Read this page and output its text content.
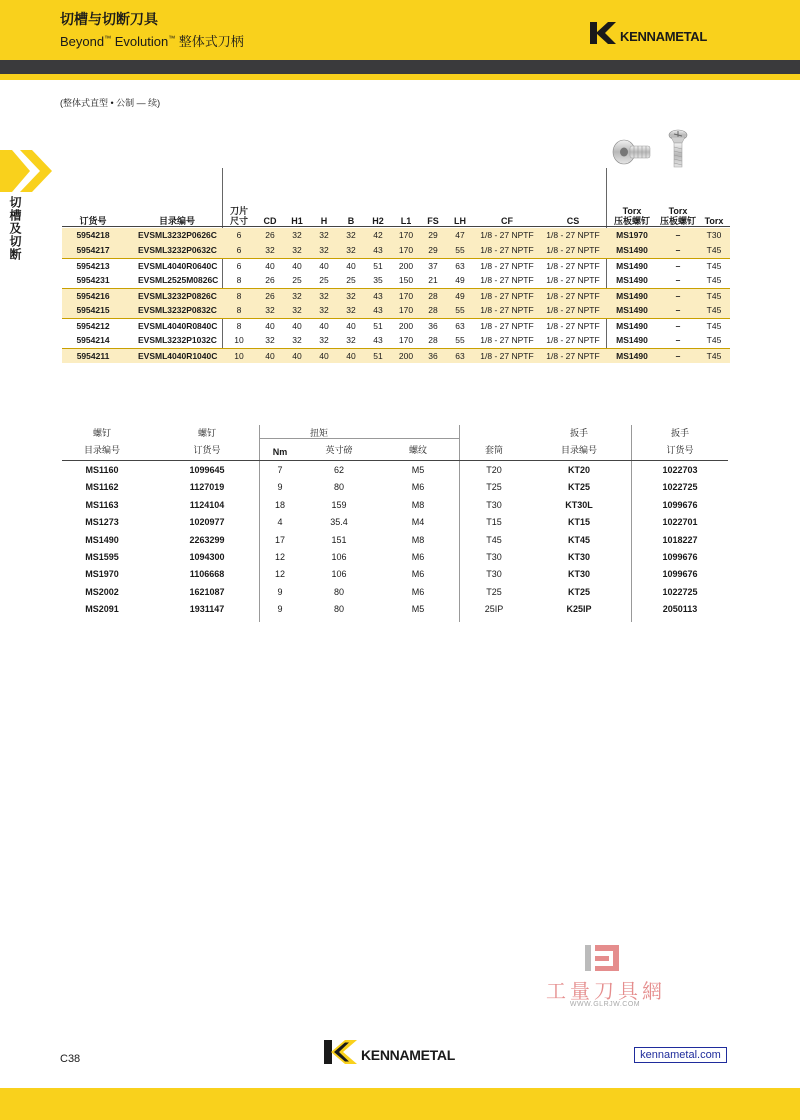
切槽与切断刀具
Beyond™ Evolution™ 整体式刀柄	KENNAMETAL
切槽及切断
(整体式直型 • 公制 — 续)
订货号	目录编号
刀片
尺寸	CD	H1	H	B	H2	L1	FS	LH	CF	CS
Torx
压板螺钉
Torx
压板螺钉 Torx
5954218	EVSML3232P0626C	6	26	32	32	32	42	170	29	47	1/8 - 27 NPTF	1/8 - 27 NPTF	MS1970	–	T30
5954217	EVSML3232P0632C	6	32	32	32	32	43	170	29	55	1/8 - 27 NPTF	1/8 - 27 NPTF	MS1490	–	T45
5954213	EVSML4040R0640C	6	40	40	40	40	51	200	37	63	1/8 - 27 NPTF	1/8 - 27 NPTF	MS1490	–	T45
5954231	EVSML2525M0826C	8	26	25	25	25	35	150	21	49	1/8 - 27 NPTF	1/8 - 27 NPTF	MS1490	–	T45
5954216	EVSML3232P0826C	8	26	32	32	32	43	170	28	49	1/8 - 27 NPTF	1/8 - 27 NPTF	MS1490	–	T45
5954215	EVSML3232P0832C	8	32	32	32	32	43	170	28	55	1/8 - 27 NPTF	1/8 - 27 NPTF	MS1490	–	T45
5954212	EVSML4040R0840C	8	40	40	40	40	51	200	36	63	1/8 - 27 NPTF	1/8 - 27 NPTF	MS1490	–	T45
5954214	EVSML3232P1032C	10	32	32	32	32	43	170	28	55	1/8 - 27 NPTF	1/8 - 27 NPTF	MS1490	–	T45
5954211	EVSML4040R1040C	10	40	40	40	40	51	200	36	63	1/8 - 27 NPTF	1/8 - 27 NPTF	MS1490	–	T45
螺钉
目录编号
螺钉
订货号
扭矩
Nm	英寸磅	螺纹	套筒
扳手
目录编号
扳手
订货号
MS1160	1099645	7	62	M5	T20	KT20	1022703
MS1162	1127019	9	80	M6	T25	KT25	1022725
MS1163	1124104	18	159	M8	T30	KT30L	1099676
MS1273	1020977	4	35.4	M4	T15	KT15	1022701
MS1490	2263299	17	151	M8	T45	KT45	1018227
MS1595	1094300	12	106	M6	T30	KT30	1099676
MS1970	1106668	12	106	M6	T30	KT30	1099676
MS2002	1621087	9	80	M6	T25	KT25	1022725
MS2091	1931147	9	80	M5	25IP	K25IP	2050113
工量刀具網
WWW.GLRJW.COM
C38	KENNAMETAL	kennametal.com
